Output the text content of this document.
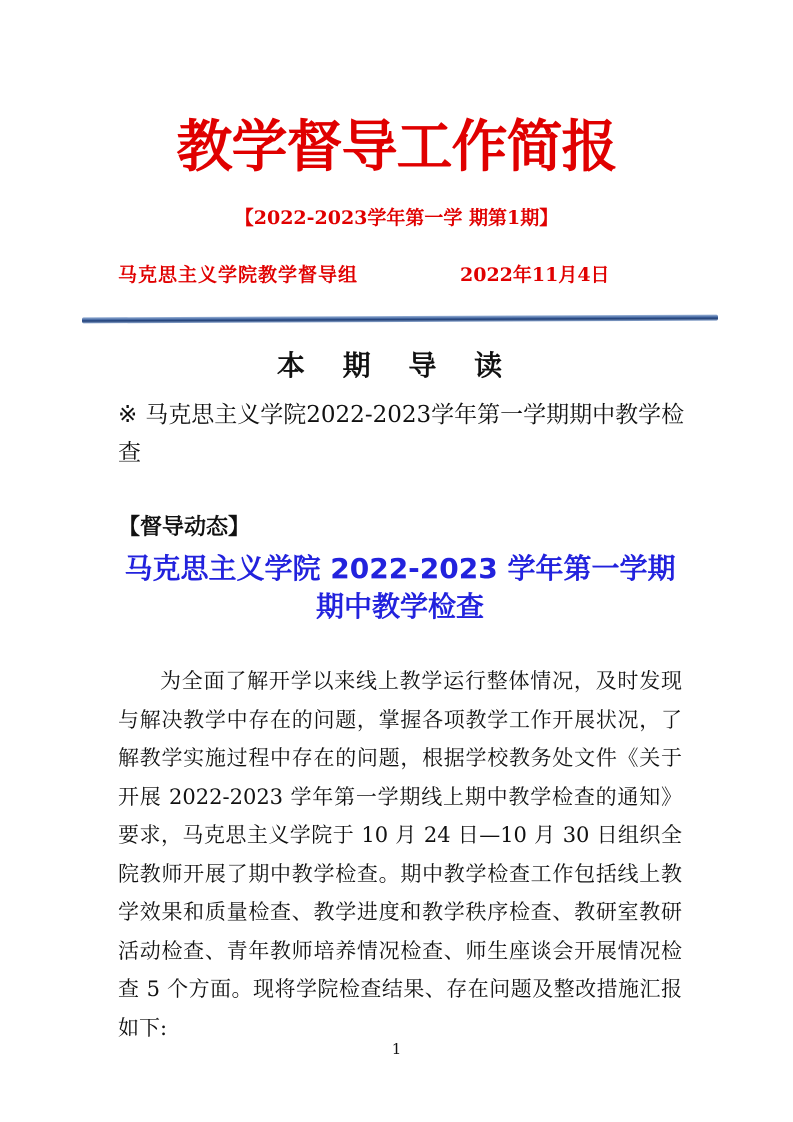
教学督导工作简报
【2022-2023学年第一学 期第1期】
马克思主义学院教学督导组	2022年11月4日
本 期 导 读
※ 马克思主义学院2022-2023学年第一学期期中教学检查
【督导动态】
马克思主义学院 2022-2023 学年第一学期
期中教学检查
为全面了解开学以来线上教学运行整体情况，及时发现与解决教学中存在的问题，掌握各项教学工作开展状况，了解教学实施过程中存在的问题，根据学校教务处文件《关于开展 2022-2023 学年第一学期线上期中教学检查的通知》要求，马克思主义学院于 10 月 24 日—10 月 30 日组织全院教师开展了期中教学检查。期中教学检查工作包括线上教学效果和质量检查、教学进度和教学秩序检查、教研室教研活动检查、青年教师培养情况检查、师生座谈会开展情况检查 5 个方面。现将学院检查结果、存在问题及整改措施汇报如下:
1
